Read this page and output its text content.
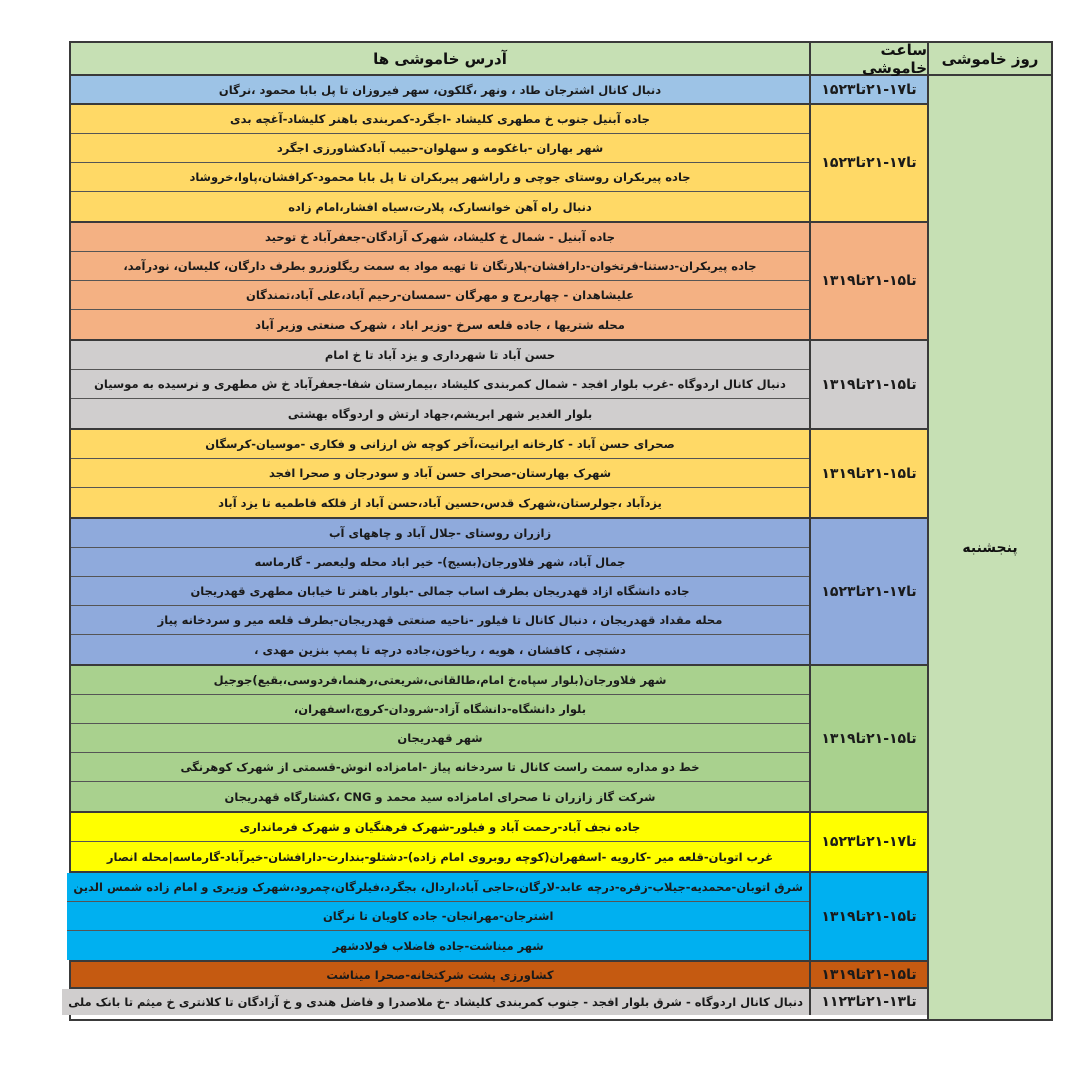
روز خاموشی
ساعت خاموشی
آدرس خاموشی ها
پنجشنبه
۱۵تا۱۷-۲۱تا۲۳
دنبال کانال اشترجان طاد ، ونهر ،گلکون، سهر فیروزان تا پل بابا محمود ،نرگان
۱۵تا۱۷-۲۱تا۲۳
جاده آبنیل جنوب خ مطهری کلیشاد -اجگرد-کمربندی باهنر کلیشاد-آغچه بدی
شهر بهاران -باغکومه و سهلوان-حبیب آبادکشاورزی اجگرد
جاده پیربکران روستای جوچی و راراشهر پیربکران تا پل بابا محمود-کرافشان،پاوا،خروشاد
دنبال راه آهن خوانسارک، پلارت،سیاه افشار،امام زاده
۱۳تا۱۵-۲۱تا۱۹
جاده آبنیل - شمال خ کلیشاد، شهرک آزادگان-جعفرآباد خ توحید
جاده پیربکران-دستنا-فرتخوان-دارافشان-پلارتگان تا تهیه مواد به سمت ریگلوزرو بطرف دارگان، کلیسان، نودرآمد،
علیشاهدان - چهاربرج و مهرگان -سمسان-رحیم آباد،علی آباد،تمندگان
محله شتریها ، جاده قلعه سرخ -وزیر اباد ، شهرک صنعتی وزیر آباد
۱۳تا۱۵-۲۱تا۱۹
حسن آباد تا شهرداری و یزد آباد تا خ امام
دنبال کانال اردوگاه -غرب بلوار افجد - شمال کمربندی کلیشاد ،بیمارستان شفا-جعفرآباد خ ش مطهری و نرسیده به موسیان
بلوار الغدیر شهر ابریشم،جهاد ارتش و اردوگاه بهشتی
۱۳تا۱۵-۲۱تا۱۹
صحرای حسن آباد - کارخانه ایرانیت،آخر کوچه ش ارزانی و فکاری -موسیان-کرسگان
شهرک بهارستان-صحرای حسن آباد و سودرجان و صحرا افجد
یزدآباد ،جولرستان،شهرک قدس،حسین آباد،حسن آباد از فلکه فاطمیه تا یزد آباد
۱۵تا۱۷-۲۱تا۲۳
زازران روستای -جلال آباد و چاههای آب
جمال آباد، شهر فلاورجان(بسیج)- خیر اباد محله ولیعصر - گارماسه
جاده دانشگاه ازاد قهدریجان بطرف اساب جمالی -بلوار باهنر تا خیابان مطهری قهدریجان
محله مقداد قهدریجان ، دنبال کانال تا فیلور -ناحیه صنعتی قهدریجان-بطرف قلعه میر و سردخانه پیاز
دشتچی ، کافشان ، هویه ، ریاخون،جاده درچه تا پمپ بنزین مهدی ،
۱۳تا۱۵-۲۱تا۱۹
شهر فلاورجان(بلوار سپاه،خ امام،طالقانی،شریعتی،رهنما،فردوسی،بقیع)جوجیل
بلوار دانشگاه-دانشگاه آزاد-شرودان-کروچ،اسفهران،
شهر قهدریجان
خط دو مداره سمت راست کانال تا سردخانه پیاز -امامزاده انوش-قسمتی از شهرک کوهرنگی
شرکت گاز زازران تا صحرای امامزاده سید محمد و CNG ،کشتارگاه قهدریجان
۱۵تا۱۷-۲۱تا۲۳
جاده نجف آباد-رحمت آباد و فیلور-شهرک فرهنگیان و شهرک فرمانداری
غرب اتوبان-قلعه میر -کارویه -اسفهران(کوچه روبروی امام زاده)-دشتلو-بندارت-دارافشان-خیرآباد-گارماسه|محله انصار
۱۳تا۱۵-۲۱تا۱۹
شرق اتوبان-محمدیه-جیلاب-زفره-درچه عابد-لارگان،حاجی آباد،اردال، بجگرد،فیلرگان،چمرود،شهرک وزیری و امام زاده شمس الدین
اشترجان-مهرانجان- جاده کاویان تا نرگان
شهر میناشت-جاده فاضلاب فولادشهر
۱۳تا۱۵-۲۱تا۱۹
کشاورزی پشت شرکتخانه-صحرا میناشت
۱۱تا۱۳-۲۱تا۲۳
دنبال کانال اردوگاه - شرق بلوار افجد - جنوب کمربندی کلیشاد -خ ملاصدرا و فاضل هندی و خ آزادگان تا کلانتری خ میثم تا بانک ملی
